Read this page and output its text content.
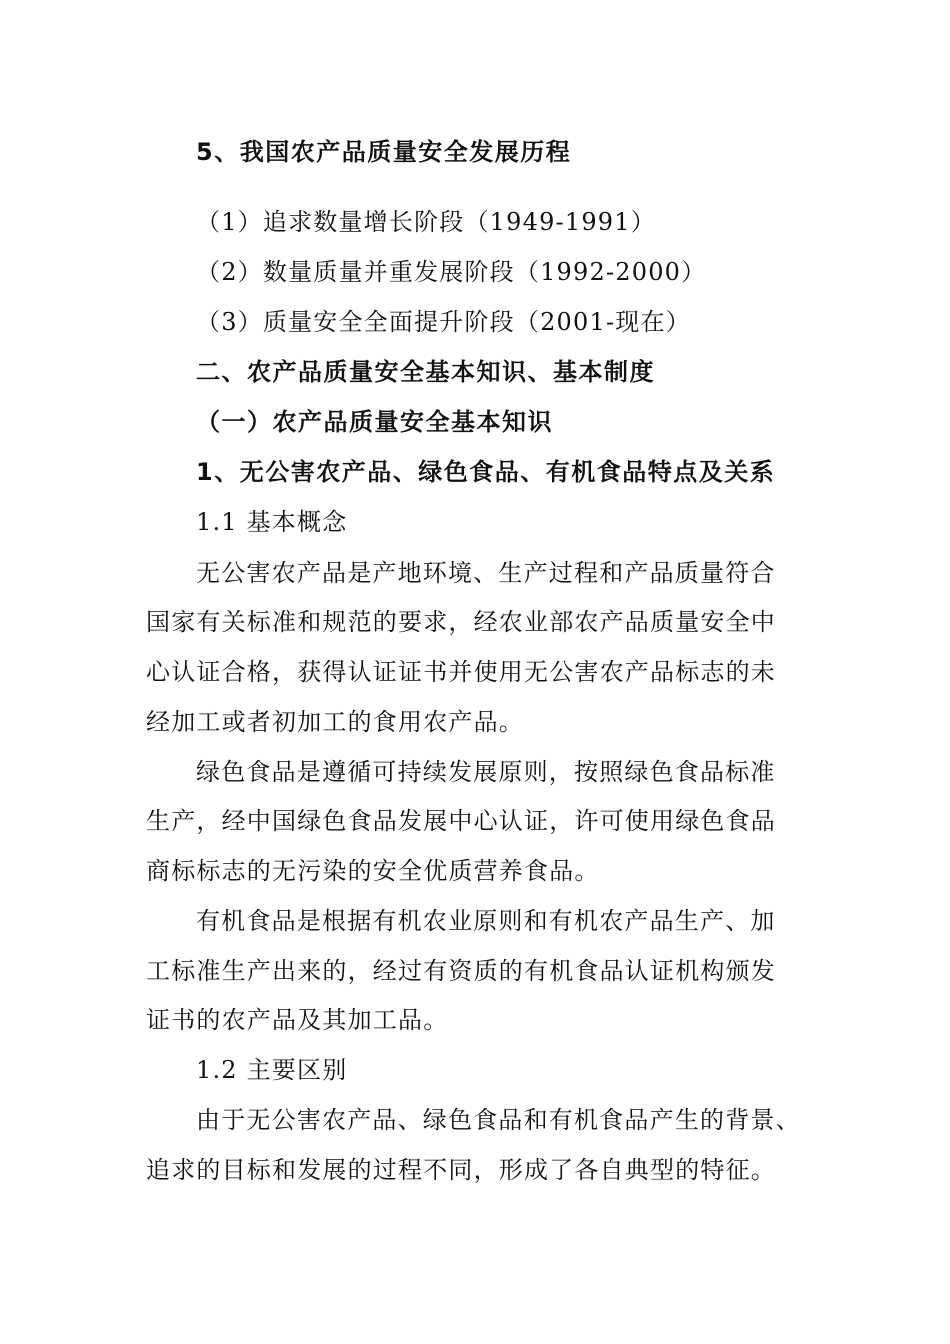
5、我国农产品质量安全发展历程
（1）追求数量增长阶段（1949-1991）
（2）数量质量并重发展阶段（1992-2000）
（3）质量安全全面提升阶段（2001-现在）
二、农产品质量安全基本知识、基本制度
（一）农产品质量安全基本知识
1、无公害农产品、绿色食品、有机食品特点及关系
1.1 基本概念
无公害农产品是产地环境、生产过程和产品质量符合
国家有关标准和规范的要求，经农业部农产品质量安全中
心认证合格，获得认证证书并使用无公害农产品标志的未
经加工或者初加工的食用农产品。
绿色食品是遵循可持续发展原则，按照绿色食品标准
生产，经中国绿色食品发展中心认证，许可使用绿色食品
商标标志的无污染的安全优质营养食品。
有机食品是根据有机农业原则和有机农产品生产、加
工标准生产出来的，经过有资质的有机食品认证机构颁发
证书的农产品及其加工品。
1.2 主要区别
由于无公害农产品、绿色食品和有机食品产生的背景、
追求的目标和发展的过程不同，形成了各自典型的特征。
